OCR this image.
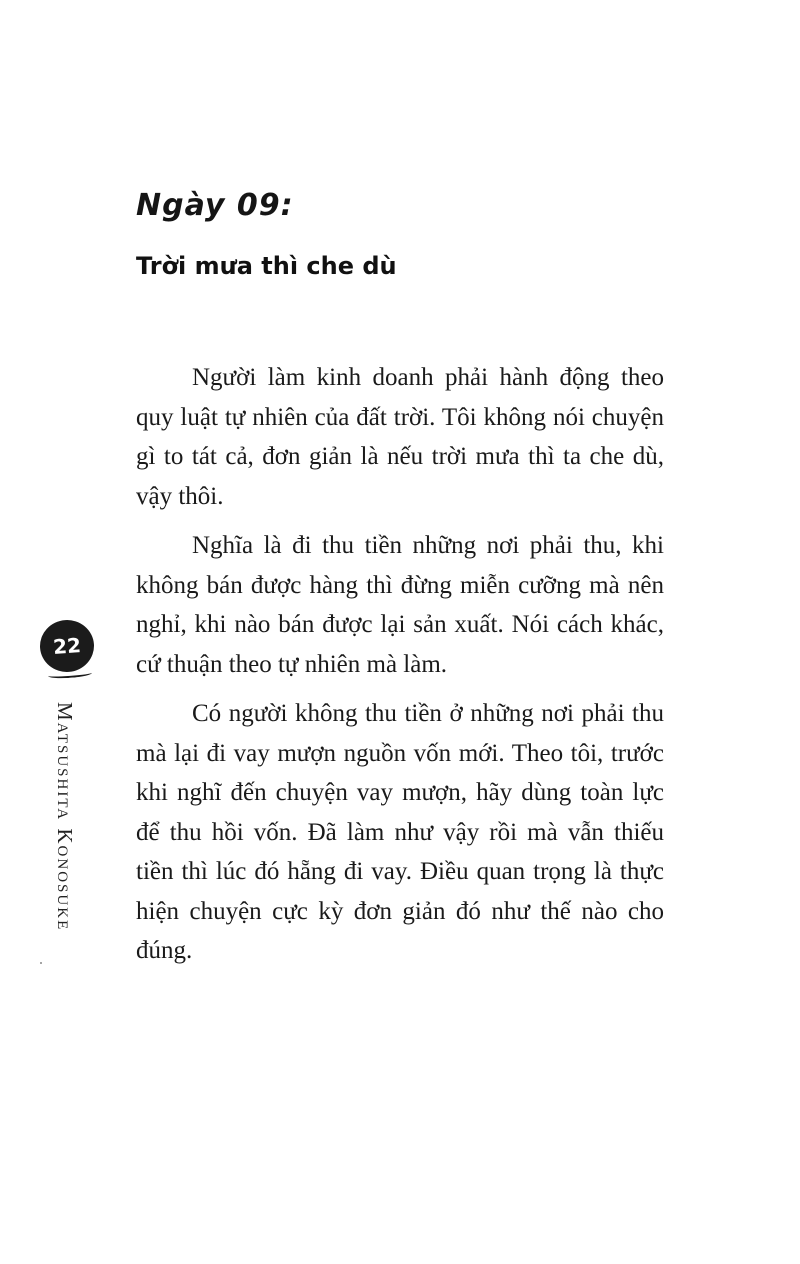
Ngày 09:
Trời mưa thì che dù

Người làm kinh doanh phải hành động theo quy luật tự nhiên của đất trời. Tôi không nói chuyện gì to tát cả, đơn giản là nếu trời mưa thì ta che dù, vậy thôi.

Nghĩa là đi thu tiền những nơi phải thu, khi không bán được hàng thì đừng miễn cưỡng mà nên nghỉ, khi nào bán được lại sản xuất. Nói cách khác, cứ thuận theo tự nhiên mà làm.

Có người không thu tiền ở những nơi phải thu mà lại đi vay mượn nguồn vốn mới. Theo tôi, trước khi nghĩ đến chuyện vay mượn, hãy dùng toàn lực để thu hồi vốn. Đã làm như vậy rồi mà vẫn thiếu tiền thì lúc đó hẵng đi vay. Điều quan trọng là thực hiện chuyện cực kỳ đơn giản đó như thế nào cho đúng.

22
Matsushita Konosuke
